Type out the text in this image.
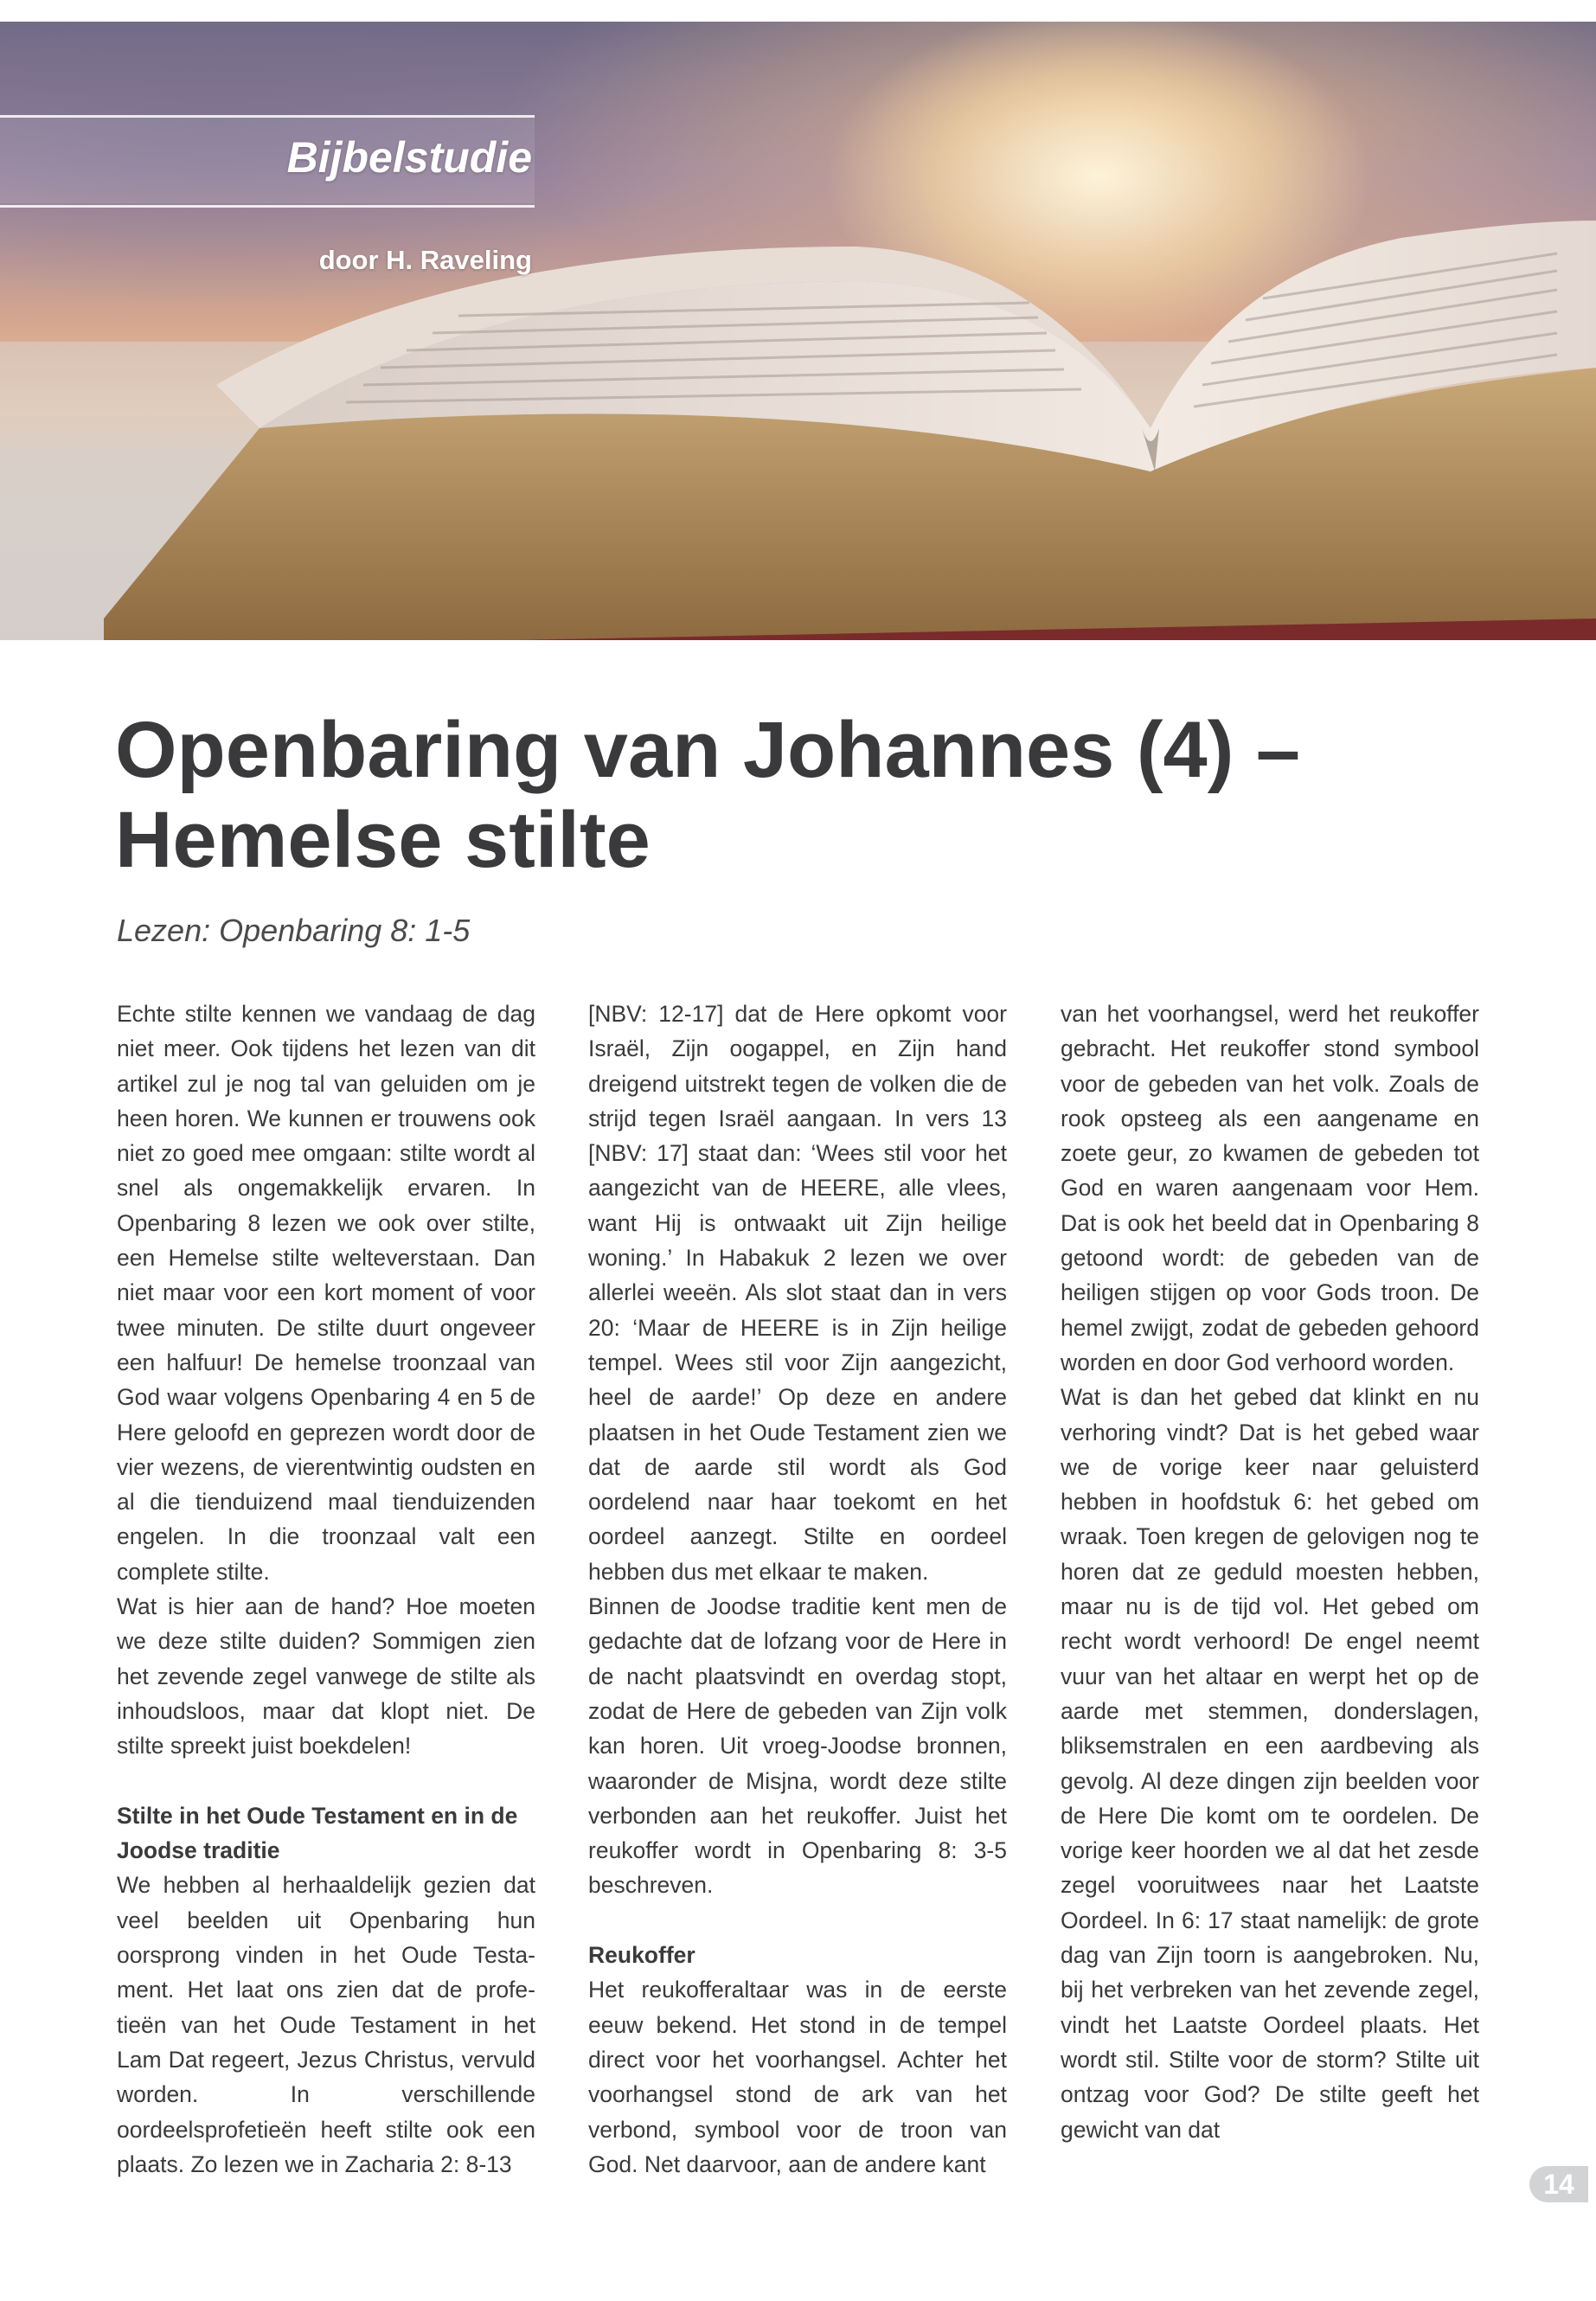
Bijbelstudie
door H. Raveling
Openbaring van Johannes (4) –
Hemelse stilte
Lezen: Openbaring 8: 1-5

Echte stilte kennen we vandaag de dag niet meer. Ook tijdens het lezen van dit artikel zul je nog tal van geluiden om je heen horen. We kunnen er trouwens ook niet zo goed mee omgaan: stilte wordt al snel als ongemakkelijk ervaren. In Openbaring 8 lezen we ook over stilte, een Hemelse stilte welteverstaan. Dan niet maar voor een kort moment of voor twee minuten. De stilte duurt ongeveer een halfuur! De hemelse troonzaal van God waar volgens Openbaring 4 en 5 de Here geloofd en geprezen wordt door de vier wezens, de vierentwintig oudsten en al die tienduizend maal tienduizenden engelen. In die troonzaal valt een complete stilte.

Wat is hier aan de hand? Hoe moeten we deze stilte duiden? Sommigen zien het zevende zegel vanwege de stilte als inhoudsloos, maar dat klopt niet. De stilte spreekt juist boekdelen!

Stilte in het Oude Testament en in de Joodse traditie

We hebben al herhaaldelijk gezien dat veel beelden uit Openbaring hun oorsprong vinden in het Oude Testa-ment. Het laat ons zien dat de profe-tieën van het Oude Testament in het Lam Dat regeert, Jezus Christus, vervuld worden. In verschillende oordeelsprofetieën heeft stilte ook een plaats. Zo lezen we in Zacharia 2: 8-13

[NBV: 12-17] dat de Here opkomt voor Israël, Zijn oogappel, en Zijn hand dreigend uitstrekt tegen de volken die de strijd tegen Israël aangaan. In vers 13 [NBV: 17] staat dan: ‘Wees stil voor het aangezicht van de HEERE, alle vlees, want Hij is ontwaakt uit Zijn heilige woning.’ In Habakuk 2 lezen we over allerlei weeën. Als slot staat dan in vers 20: ‘Maar de HEERE is in Zijn heilige tempel. Wees stil voor Zijn aangezicht, heel de aarde!’ Op deze en andere plaatsen in het Oude Testament zien we dat de aarde stil wordt als God oordelend naar haar toekomt en het oordeel aanzegt. Stilte en oordeel hebben dus met elkaar te maken.

Binnen de Joodse traditie kent men de gedachte dat de lofzang voor de Here in de nacht plaatsvindt en overdag stopt, zodat de Here de gebeden van Zijn volk kan horen. Uit vroeg-Joodse bronnen, waaronder de Misjna, wordt deze stilte verbonden aan het reukoffer. Juist het reukoffer wordt in Openbaring 8: 3-5 beschreven.

Reukoffer

Het reukofferaltaar was in de eerste eeuw bekend. Het stond in de tempel direct voor het voorhangsel. Achter het voorhangsel stond de ark van het verbond, symbool voor de troon van God. Net daarvoor, aan de andere kant

van het voorhangsel, werd het reukoffer gebracht. Het reukoffer stond symbool voor de gebeden van het volk. Zoals de rook opsteeg als een aangename en zoete geur, zo kwamen de gebeden tot God en waren aangenaam voor Hem. Dat is ook het beeld dat in Openbaring 8 getoond wordt: de gebeden van de heiligen stijgen op voor Gods troon. De hemel zwijgt, zodat de gebeden gehoord worden en door God verhoord worden.

Wat is dan het gebed dat klinkt en nu verhoring vindt? Dat is het gebed waar we de vorige keer naar geluisterd hebben in hoofdstuk 6: het gebed om wraak. Toen kregen de gelovigen nog te horen dat ze geduld moesten hebben, maar nu is de tijd vol. Het gebed om recht wordt verhoord! De engel neemt vuur van het altaar en werpt het op de aarde met stemmen, donderslagen, bliksemstralen en een aardbeving als gevolg. Al deze dingen zijn beelden voor de Here Die komt om te oordelen. De vorige keer hoorden we al dat het zesde zegel vooruitwees naar het Laatste Oordeel. In 6: 17 staat namelijk: de grote dag van Zijn toorn is aangebroken. Nu, bij het verbreken van het zevende zegel, vindt het Laatste Oordeel plaats. Het wordt stil. Stilte voor de storm? Stilte uit ontzag voor God? De stilte geeft het gewicht van dat

14
